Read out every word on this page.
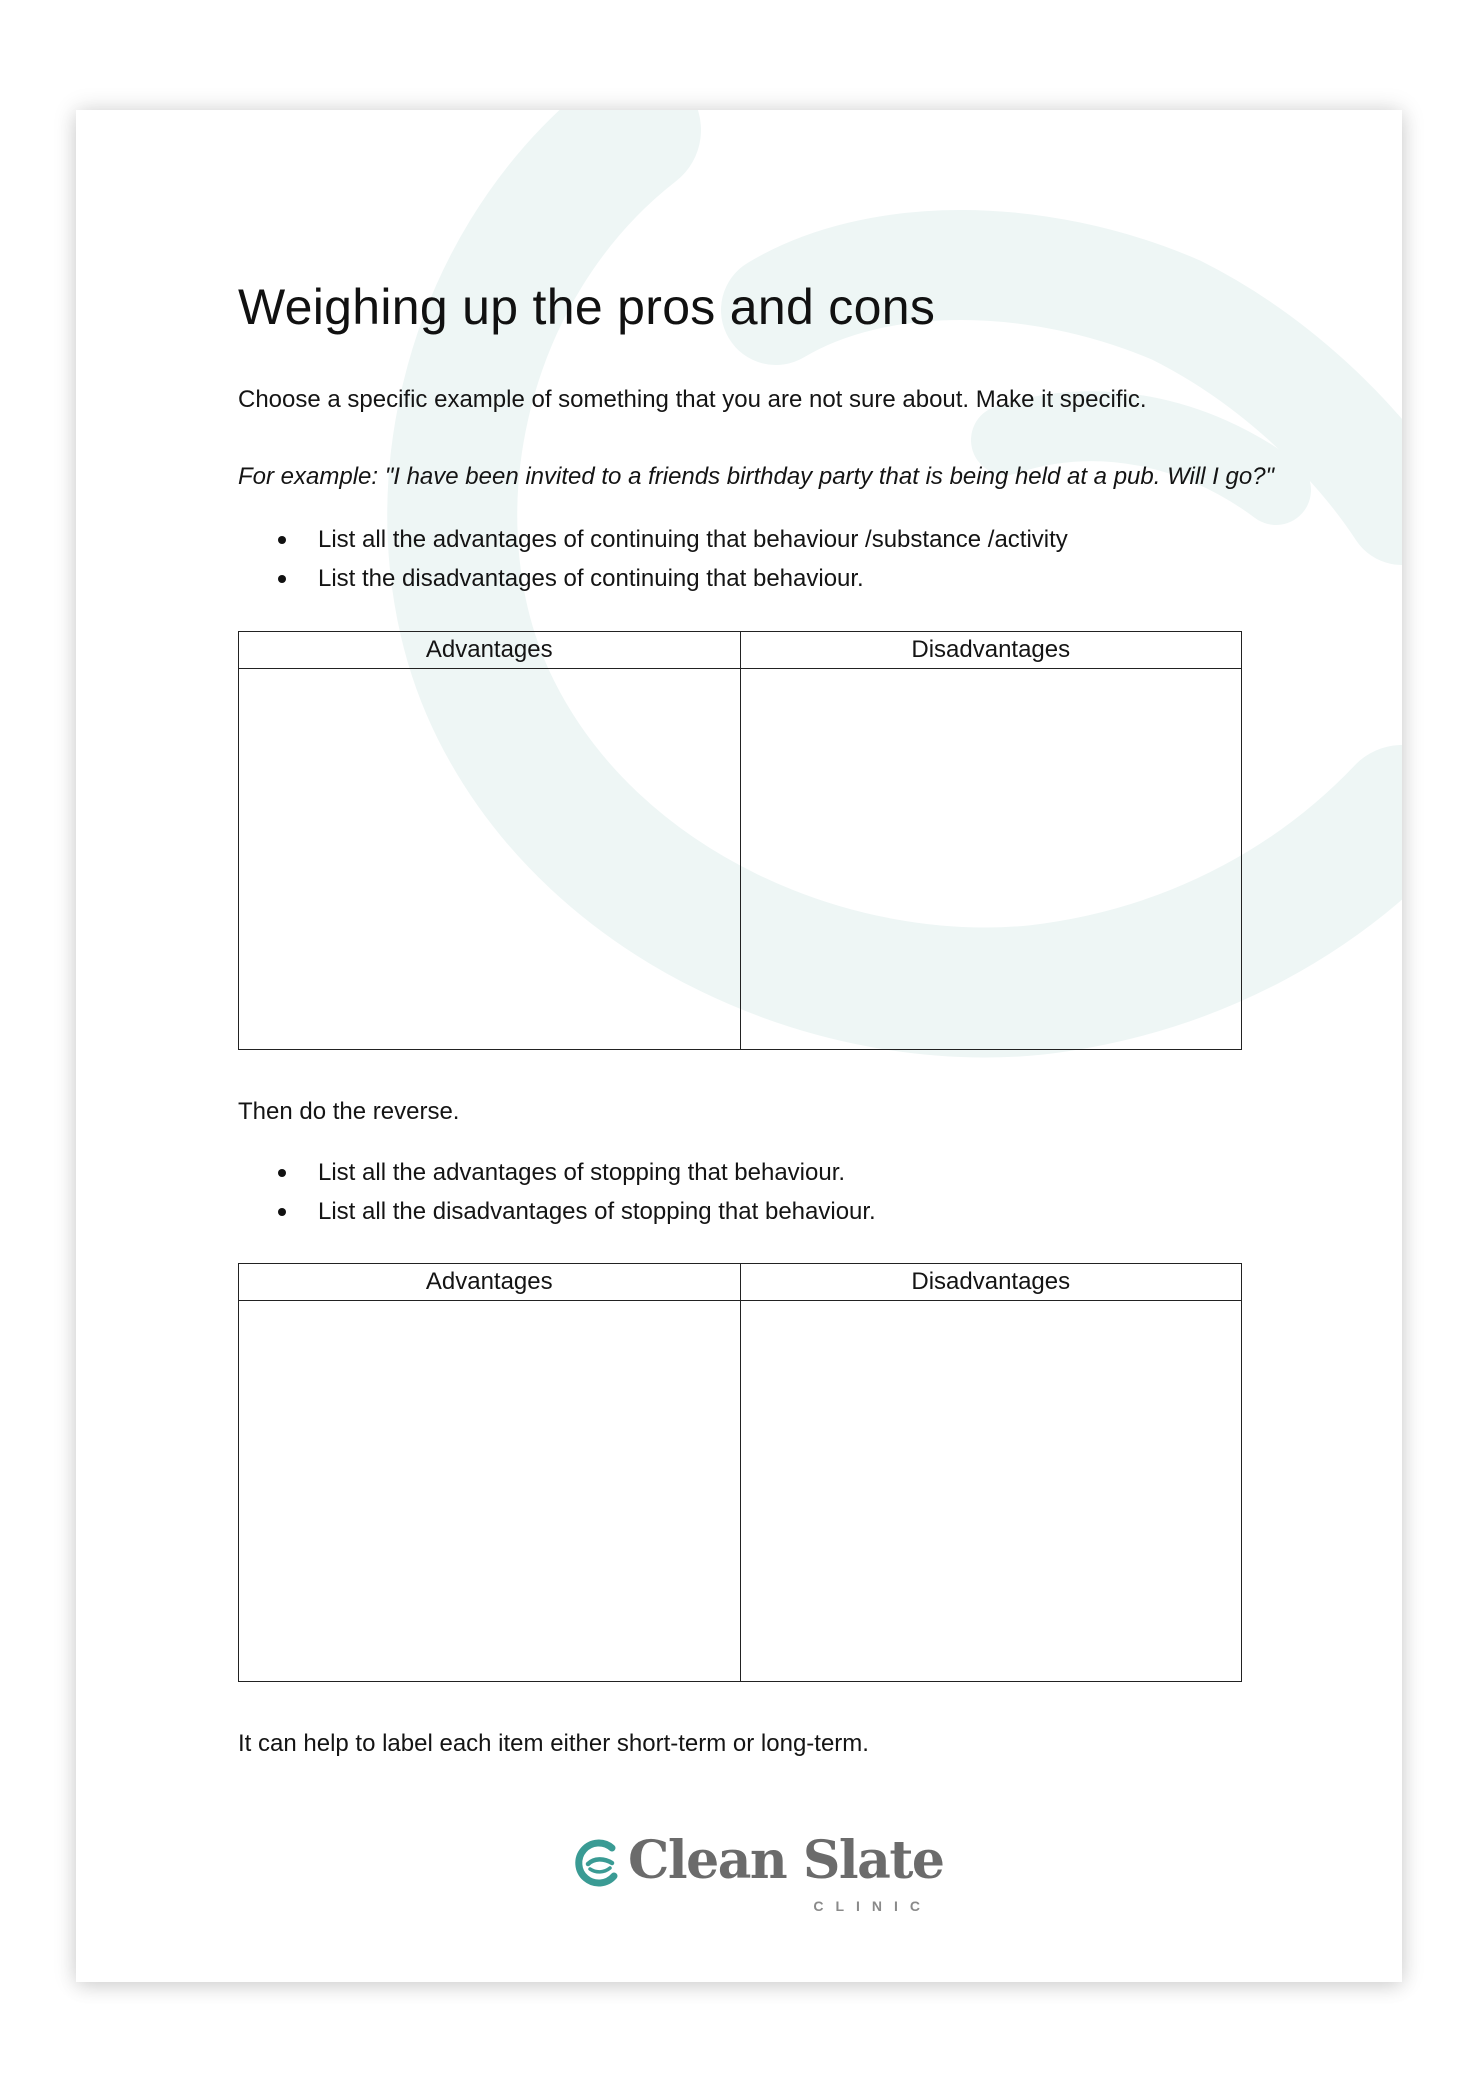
Weighing up the pros and cons

Choose a specific example of something that you are not sure about. Make it specific.

For example: "I have been invited to a friends birthday party that is being held at a pub. Will I go?"

List all the advantages of continuing that behaviour /substance /activity
List the disadvantages of continuing that behaviour.
Advantages	Disadvantages

Then do the reverse.

List all the advantages of stopping that behaviour.
List all the disadvantages of stopping that behaviour.
Advantages	Disadvantages

It can help to label each item either short-term or long-term.

Clean Slate
CLINIC
